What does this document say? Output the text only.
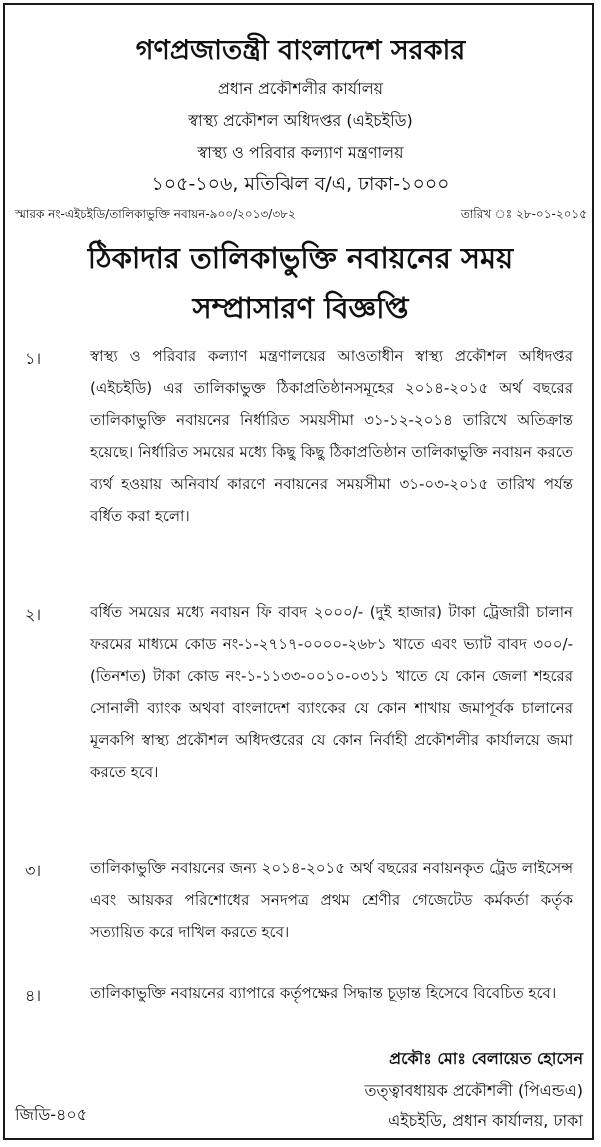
গণপ্রজাতন্ত্রী বাংলাদেশ সরকার
প্রধান প্রকৌশলীর কার্যালয়
স্বাস্থ্য প্রকৌশল অধিদপ্তর (এইচইডি)
স্বাস্থ্য ও পরিবার কল্যাণ মন্ত্রণালয়
১০৫-১০৬, মতিঝিল ব/এ, ঢাকা-১০০০
স্মারক নং-এইচইডি/তালিকাভুক্তি নবায়ন-৯০০/২০১৩/৩৮২	তারিখ ঃ ২৮-০১-২০১৫
ঠিকাদার তালিকাভুক্তি নবায়নের সময়
সম্প্রাসারণ বিজ্ঞপ্তি
১।	স্বাস্থ্য ও পরিবার কল্যাণ মন্ত্রণালয়ের আওতাধীন স্বাস্থ্য প্রকৌশল অধিদপ্তর (এইচইডি) এর তালিকাভুক্ত ঠিকাপ্রতিষ্ঠানসমূহের ২০১৪-২০১৫ অর্থ বছরের তালিকাভুক্তি নবায়নের নির্ধারিত সময়সীমা ৩১-১২-২০১৪ তারিখে অতিক্রান্ত হয়েছে। নির্ধারিত সময়ের মধ্যে কিছু কিছু ঠিকাপ্রতিষ্ঠান তালিকাভুক্তি নবায়ন করতে ব্যর্থ হওয়ায় অনিবার্য কারণে নবায়নের সময়সীমা ৩১-০৩-২০১৫ তারিখ পর্যন্ত বর্ধিত করা হলো।

২।	বর্ধিত সময়ের মধ্যে নবায়ন ফি বাবদ ২০০০/- (দুই হাজার) টাকা ট্রেজারী চালান ফরমের মাধ্যমে কোড নং-১-২৭১৭-০০০০-২৬৮১ খাতে এবং ভ্যাট বাবদ ৩০০/- (তিনশত) টাকা কোড নং-১-১১৩৩-০০১০-০৩১১ খাতে যে কোন জেলা শহরের সোনালী ব্যাংক অথবা বাংলাদেশ ব্যাংকের যে কোন শাখায় জমাপূর্বক চালানের মূলকপি স্বাস্থ্য প্রকৌশল অধিদপ্তরের যে কোন নির্বাহী প্রকৌশলীর কার্যালয়ে জমা করতে হবে।

৩।	তালিকাভুক্তি নবায়নের জন্য ২০১৪-২০১৫ অর্থ বছরের নবায়নকৃত ট্রেড লাইসেন্স এবং আয়কর পরিশোধের সনদপত্র প্রথম শ্রেণীর গেজেটেড কর্মকর্তা কর্তৃক সত্যায়িত করে দাখিল করতে হবে।

৪।	তালিকাভুক্তি নবায়নের ব্যাপারে কর্তৃপক্ষের সিদ্ধান্ত চূড়ান্ত হিসেবে বিবেচিত হবে।

প্রকৌঃ মোঃ বেলায়েত হোসেন
তত্ত্বাবধায়ক প্রকৌশলী (পিএন্ডএ)
এইচইডি, প্রধান কার্যালয়, ঢাকা
জিডি-৪০৫
